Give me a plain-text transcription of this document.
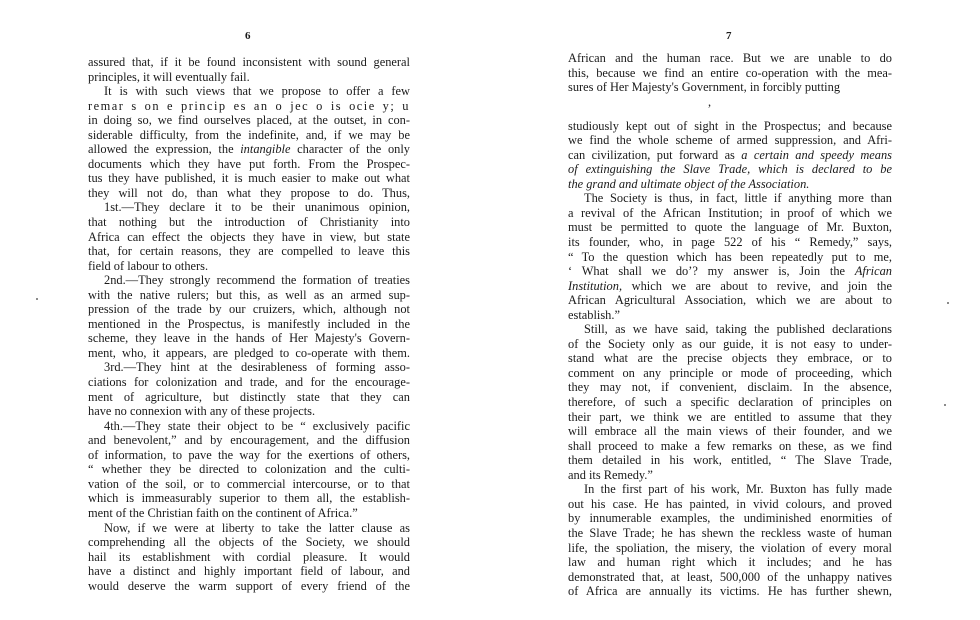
6
assured that, if it be found inconsistent with sound general
principles, it will eventually fail.
It is with such views that we propose to offer a few
remar s on e princip es an o jec o is ocie y; u
in doing so, we find ourselves placed, at the outset, in con-
siderable difficulty, from the indefinite, and, if we may be
allowed the expression, the intangible character of the only
documents which they have put forth. From the Prospec-
tus they have published, it is much easier to make out what
they will not do, than what they propose to do. Thus,
1st.—They declare it to be their unanimous opinion,
that nothing but the introduction of Christianity into
Africa can effect the objects they have in view, but state
that, for certain reasons, they are compelled to leave this
field of labour to others.
2nd.—They strongly recommend the formation of treaties
with the native rulers; but this, as well as an armed sup-
pression of the trade by our cruizers, which, although not
mentioned in the Prospectus, is manifestly included in the
scheme, they leave in the hands of Her Majesty's Govern-
ment, who, it appears, are pledged to co-operate with them.
3rd.—They hint at the desirableness of forming asso-
ciations for colonization and trade, and for the encourage-
ment of agriculture, but distinctly state that they can
have no connexion with any of these projects.
4th.—They state their object to be “ exclusively pacific
and benevolent,” and by encouragement, and the diffusion
of information, to pave the way for the exertions of others,
“ whether they be directed to colonization and the culti-
vation of the soil, or to commercial intercourse, or to that
which is immeasurably superior to them all, the establish-
ment of the Christian faith on the continent of Africa.”
Now, if we were at liberty to take the latter clause as
comprehending all the objects of the Society, we should
hail its establishment with cordial pleasure. It would
have a distinct and highly important field of labour, and
would deserve the warm support of every friend of the
7
African and the human race. But we are unable to do
this, because we find an entire co-operation with the mea-
sures of Her Majesty's Government, in forcibly putting
,
studiously kept out of sight in the Prospectus; and because
we find the whole scheme of armed suppression, and Afri-
can civilization, put forward as a certain and speedy means
of extinguishing the Slave Trade, which is declared to be
the grand and ultimate object of the Association.
The Society is thus, in fact, little if anything more than
a revival of the African Institution; in proof of which we
must be permitted to quote the language of Mr. Buxton,
its founder, who, in page 522 of his “ Remedy,” says,
“ To the question which has been repeatedly put to me,
‘ What shall we do’? my answer is, Join the African
Institution, which we are about to revive, and join the
African Agricultural Association, which we are about to
establish.”
Still, as we have said, taking the published declarations
of the Society only as our guide, it is not easy to under-
stand what are the precise objects they embrace, or to
comment on any principle or mode of proceeding, which
they may not, if convenient, disclaim. In the absence,
therefore, of such a specific declaration of principles on
their part, we think we are entitled to assume that they
will embrace all the main views of their founder, and we
shall proceed to make a few remarks on these, as we find
them detailed in his work, entitled, “ The Slave Trade,
and its Remedy.”
In the first part of his work, Mr. Buxton has fully made
out his case. He has painted, in vivid colours, and proved
by innumerable examples, the undiminished enormities of
the Slave Trade; he has shewn the reckless waste of human
life, the spoliation, the misery, the violation of every moral
law and human right which it includes; and he has
demonstrated that, at least, 500,000 of the unhappy natives
of Africa are annually its victims. He has further shewn,
